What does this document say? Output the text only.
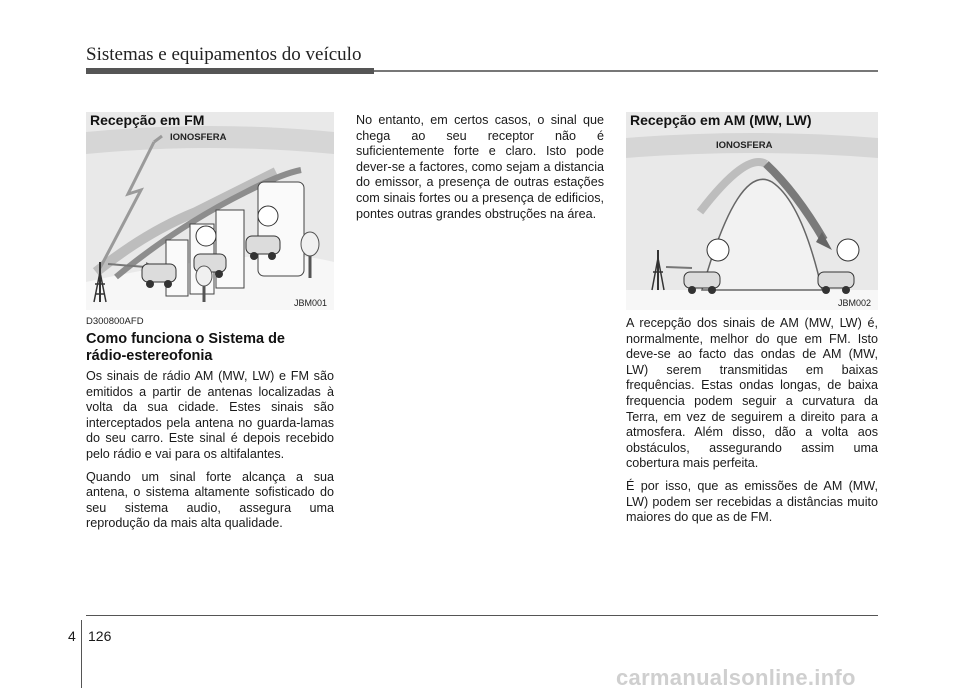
Sistemas e equipamentos do veículo
Recepção em FM
IONOSFERA
JBM001
Recepção em AM (MW, LW)
IONOSFERA
JBM002
D300800AFD
Como funciona o Sistema de rádio-estereofonia

Os sinais de rádio AM (MW, LW) e FM são emitidos a partir de antenas localizadas à volta da sua cidade. Estes sinais são interceptados pela antena no guarda-lamas do seu carro. Este sinal é depois recebido pelo rádio e vai para os altifalantes.

Quando um sinal forte alcança a sua antena, o sistema altamente sofisticado do seu sistema audio, assegura uma reprodução da mais alta qualidade.

No entanto, em certos casos, o sinal que chega ao seu receptor não é suficientemente forte e claro. Isto pode dever-se a factores, como sejam a distancia do emissor, a presença de outras estações com sinais fortes ou a presença de edificios, pontes outras grandes obstruções na área.

A recepção dos sinais de AM (MW, LW) é, normalmente, melhor do que em FM. Isto deve-se ao facto das ondas de AM (MW, LW) serem transmitidas em baixas frequências. Estas ondas longas, de baixa frequencia podem seguir a curvatura da Terra, em vez de seguirem a direito para a atmosfera. Além disso, dão a volta aos obstáculos, assegurando assim uma cobertura mais perfeita.

É por isso, que as emissões de AM (MW, LW) podem ser recebidas a distâncias muito maiores do que as de FM.

4 126
carmanualsonline.info
